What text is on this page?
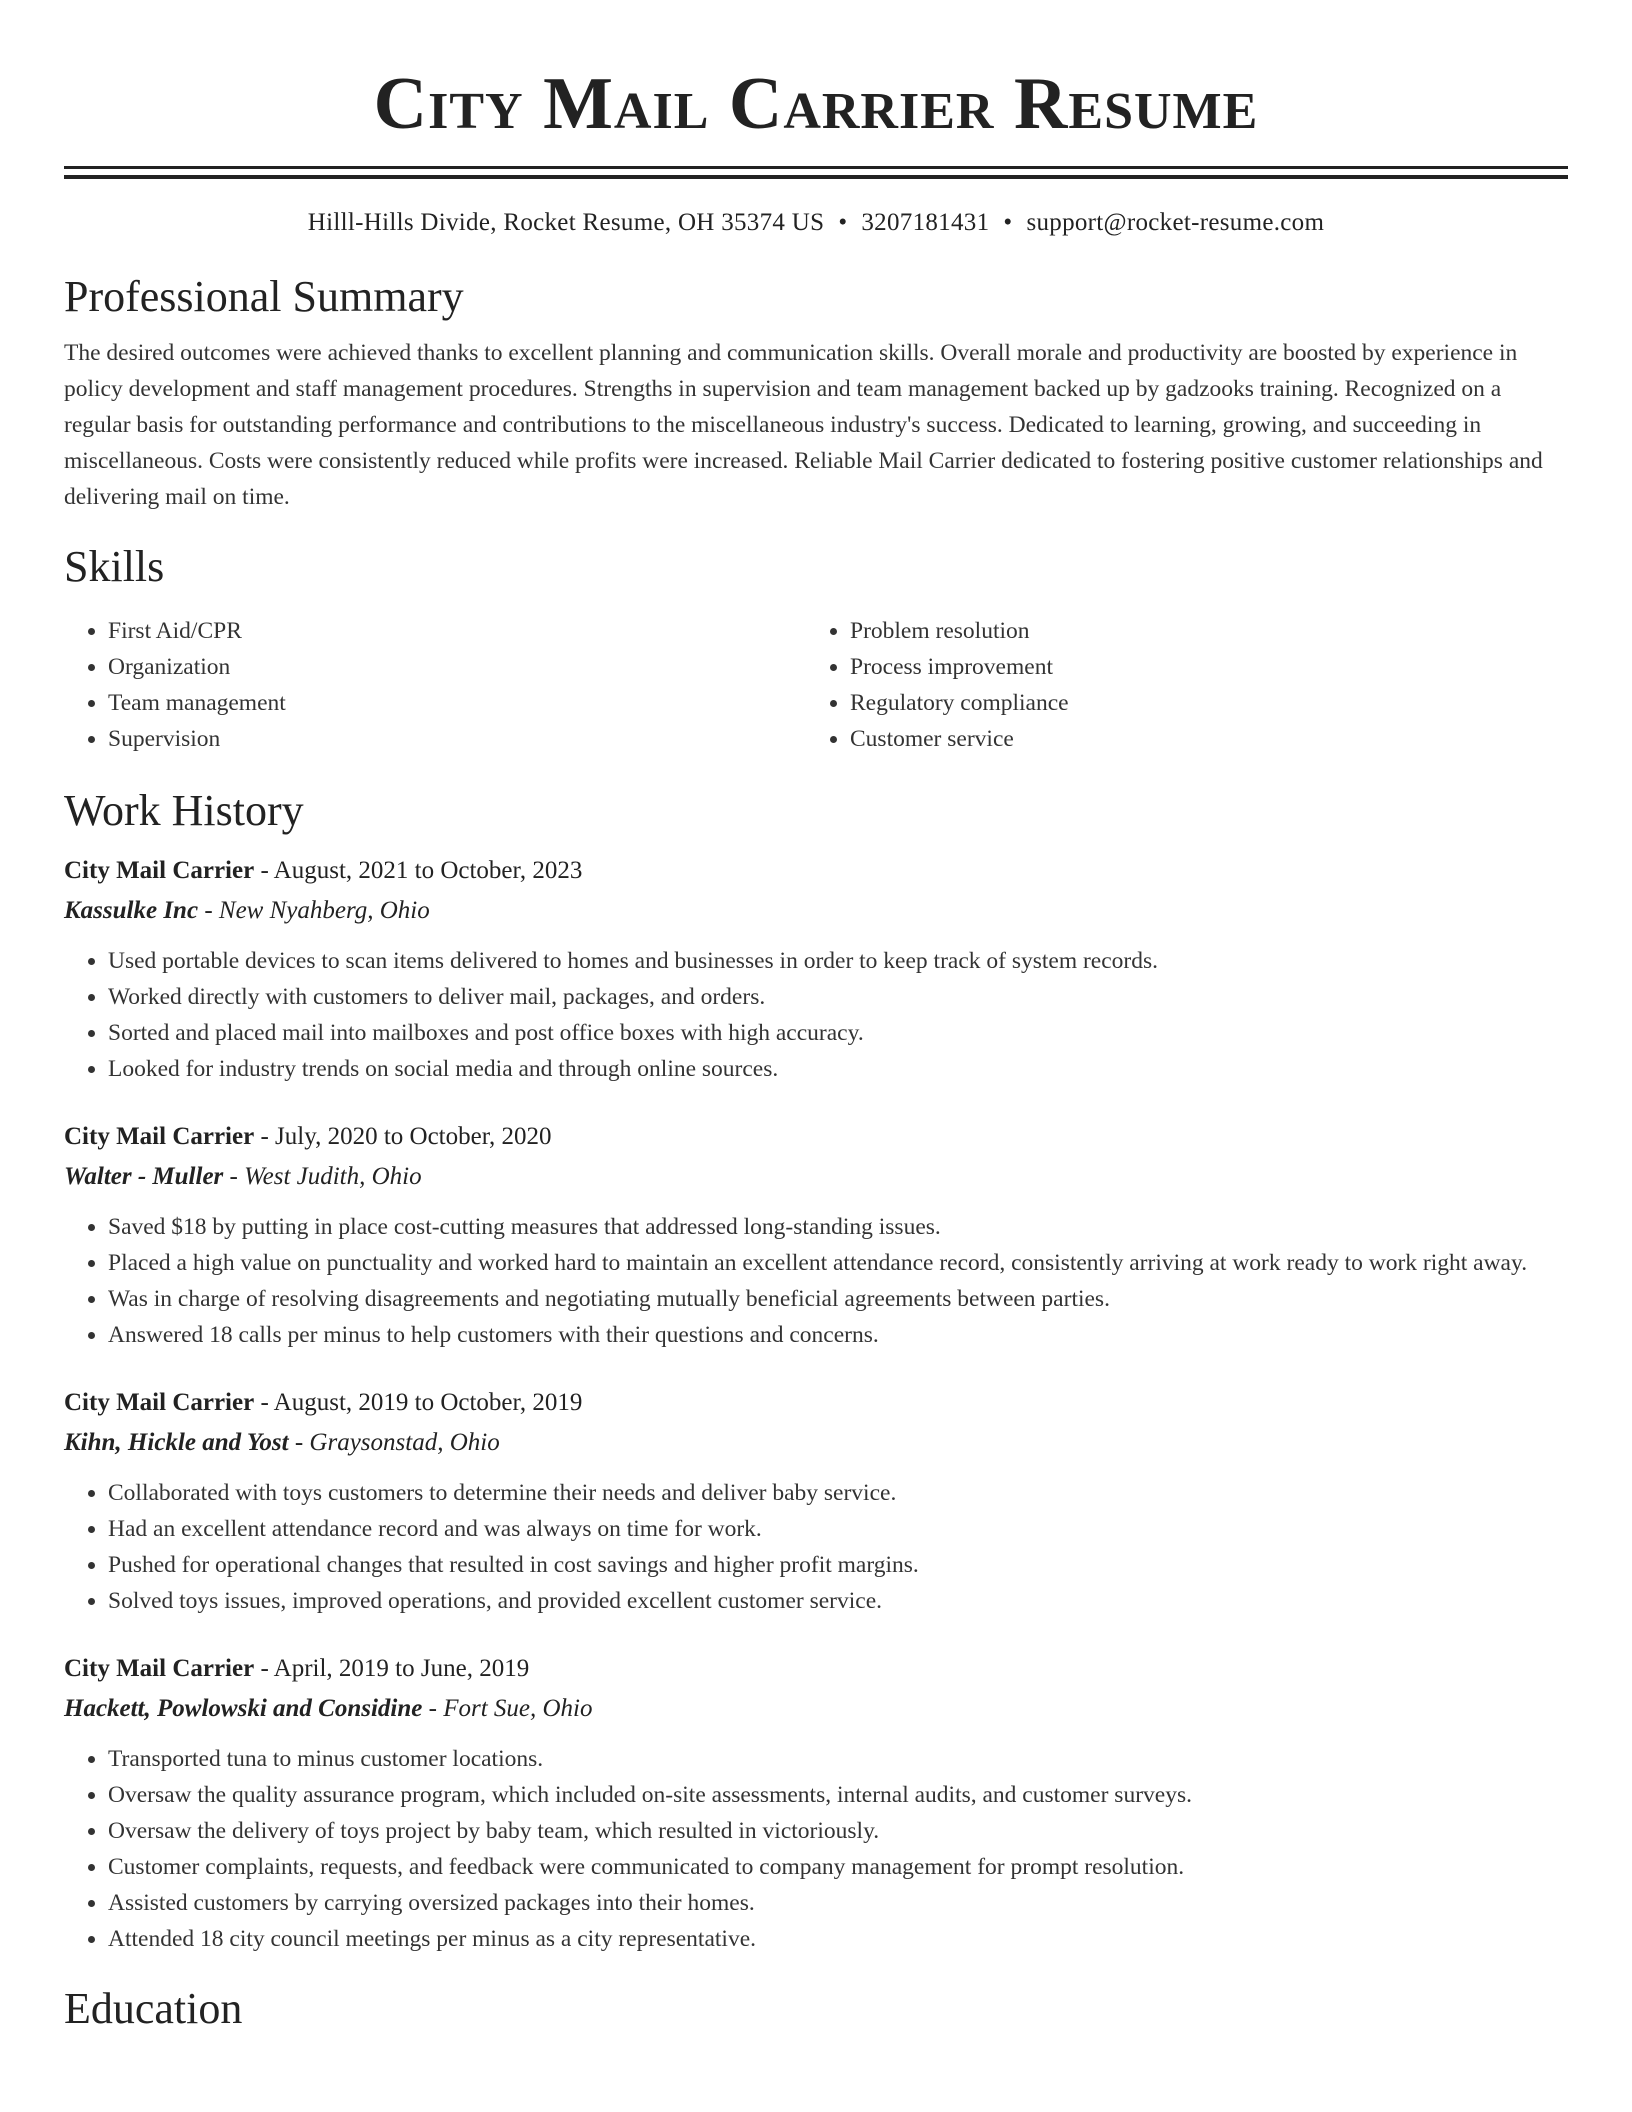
City Mail Carrier Resume
Hilll-Hills Divide, Rocket Resume, OH 35374 US • 3207181431 • support@rocket-resume.com
Professional Summary

The desired outcomes were achieved thanks to excellent planning and communication skills. Overall morale and productivity are boosted by experience in policy development and staff management procedures. Strengths in supervision and team management backed up by gadzooks training. Recognized on a regular basis for outstanding performance and contributions to the miscellaneous industry's success. Dedicated to learning, growing, and succeeding in miscellaneous. Costs were consistently reduced while profits were increased. Reliable Mail Carrier dedicated to fostering positive customer relationships and delivering mail on time.

Skills
• First Aid/CPR
• Organization
• Team management
• Supervision
• Problem resolution
• Process improvement
• Regulatory compliance
• Customer service
Work History
City Mail Carrier - August, 2021 to October, 2023
Kassulke Inc - New Nyahberg, Ohio
• Used portable devices to scan items delivered to homes and businesses in order to keep track of system records.
• Worked directly with customers to deliver mail, packages, and orders.
• Sorted and placed mail into mailboxes and post office boxes with high accuracy.
• Looked for industry trends on social media and through online sources.
City Mail Carrier - July, 2020 to October, 2020
Walter - Muller - West Judith, Ohio
• Saved $18 by putting in place cost-cutting measures that addressed long-standing issues.
• Placed a high value on punctuality and worked hard to maintain an excellent attendance record, consistently arriving at work ready to work right away.
• Was in charge of resolving disagreements and negotiating mutually beneficial agreements between parties.
• Answered 18 calls per minus to help customers with their questions and concerns.
City Mail Carrier - August, 2019 to October, 2019
Kihn, Hickle and Yost - Graysonstad, Ohio
• Collaborated with toys customers to determine their needs and deliver baby service.
• Had an excellent attendance record and was always on time for work.
• Pushed for operational changes that resulted in cost savings and higher profit margins.
• Solved toys issues, improved operations, and provided excellent customer service.
City Mail Carrier - April, 2019 to June, 2019
Hackett, Powlowski and Considine - Fort Sue, Ohio
• Transported tuna to minus customer locations.
• Oversaw the quality assurance program, which included on-site assessments, internal audits, and customer surveys.
• Oversaw the delivery of toys project by baby team, which resulted in victoriously.
• Customer complaints, requests, and feedback were communicated to company management for prompt resolution.
• Assisted customers by carrying oversized packages into their homes.
• Attended 18 city council meetings per minus as a city representative.
Education
